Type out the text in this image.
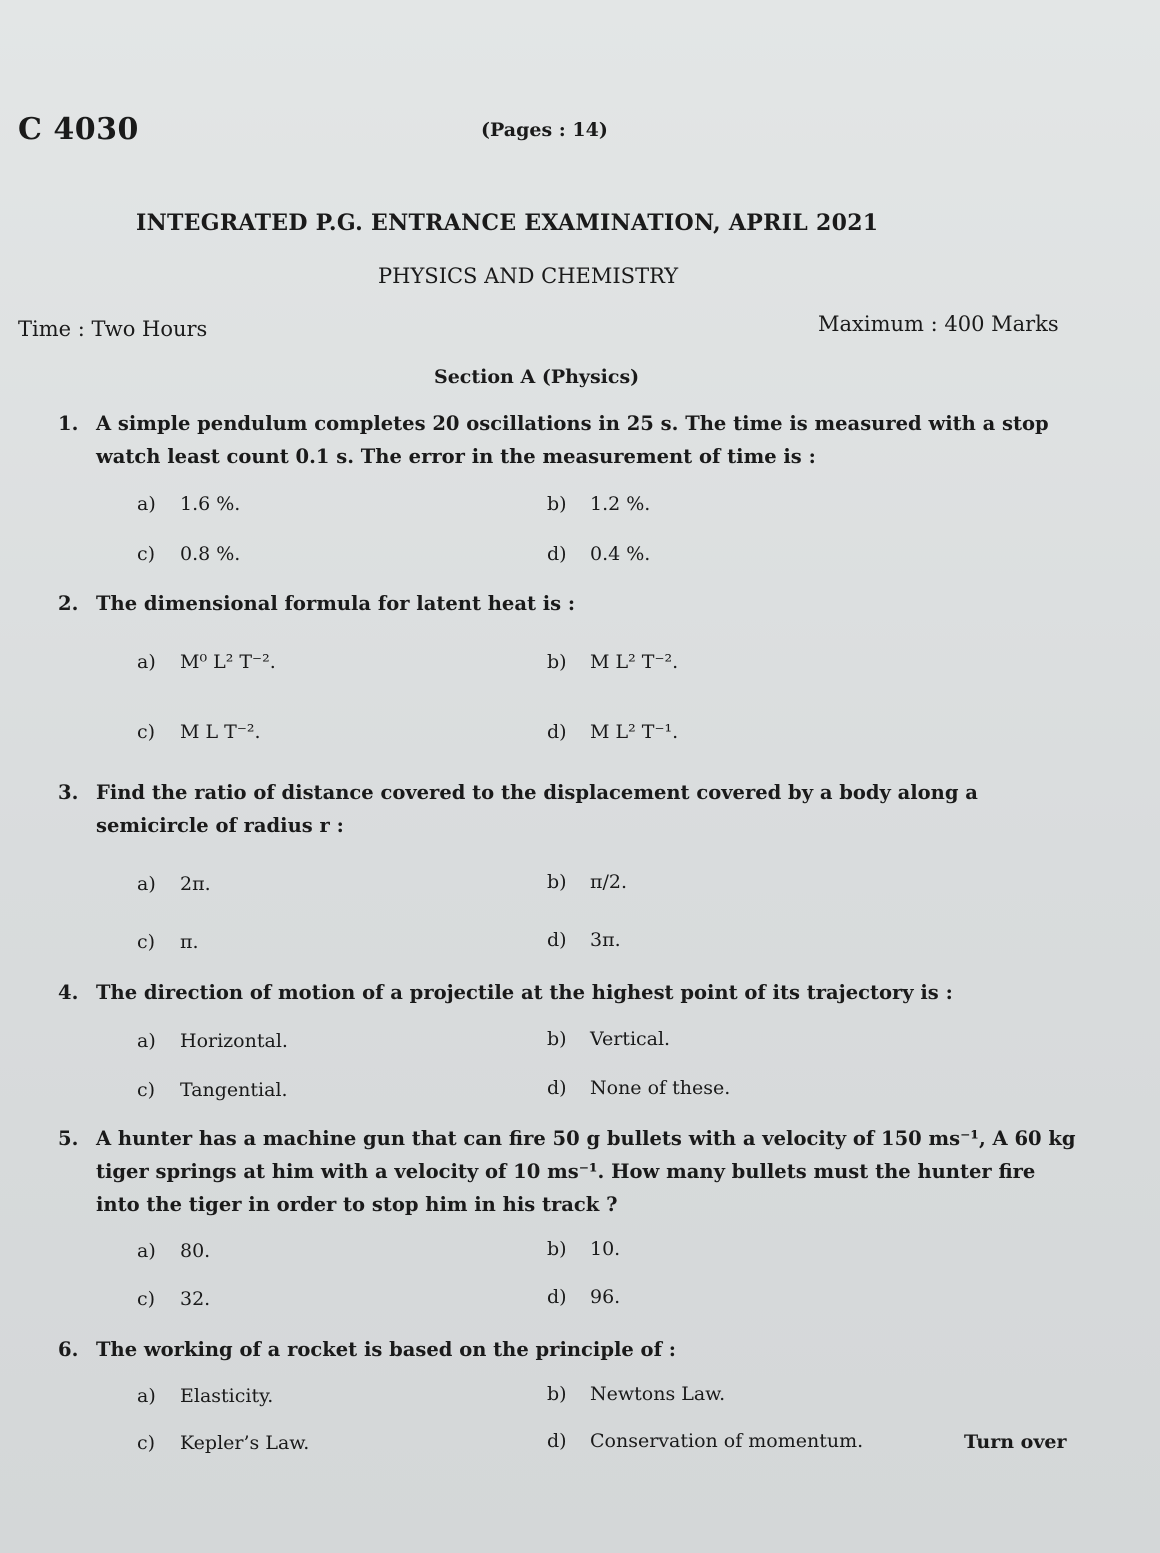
C 4030	(Pages : 14)
INTEGRATED P.G. ENTRANCE EXAMINATION, APRIL 2021
PHYSICS AND CHEMISTRY
Time : Two Hours	Maximum : 400 Marks
Section A (Physics)
1. A simple pendulum completes 20 oscillations in 25 s. The time is measured with a stop watch least count 0.1 s. The error in the measurement of time is :
a) 1.6 %.	b) 1.2 %.
c) 0.8 %.	d) 0.4 %.
2. The dimensional formula for latent heat is :
a) M⁰ L² T⁻².	b) M L² T⁻².
c) M L T⁻².	d) M L² T⁻¹.
3. Find the ratio of distance covered to the displacement covered by a body along a semicircle of radius r :
a) 2π.	b) π/2.
c) π.	d) 3π.
4. The direction of motion of a projectile at the highest point of its trajectory is :
a) Horizontal.	b) Vertical.
c) Tangential.	d) None of these.
5. A hunter has a machine gun that can fire 50 g bullets with a velocity of 150 ms⁻¹, A 60 kg tiger springs at him with a velocity of 10 ms⁻¹. How many bullets must the hunter fire into the tiger in order to stop him in his track ?
a) 80.	b) 10.
c) 32.	d) 96.
6. The working of a rocket is based on the principle of :
a) Elasticity.	b) Newtons Law.
c) Kepler’s Law.	d) Conservation of momentum.	Turn over
